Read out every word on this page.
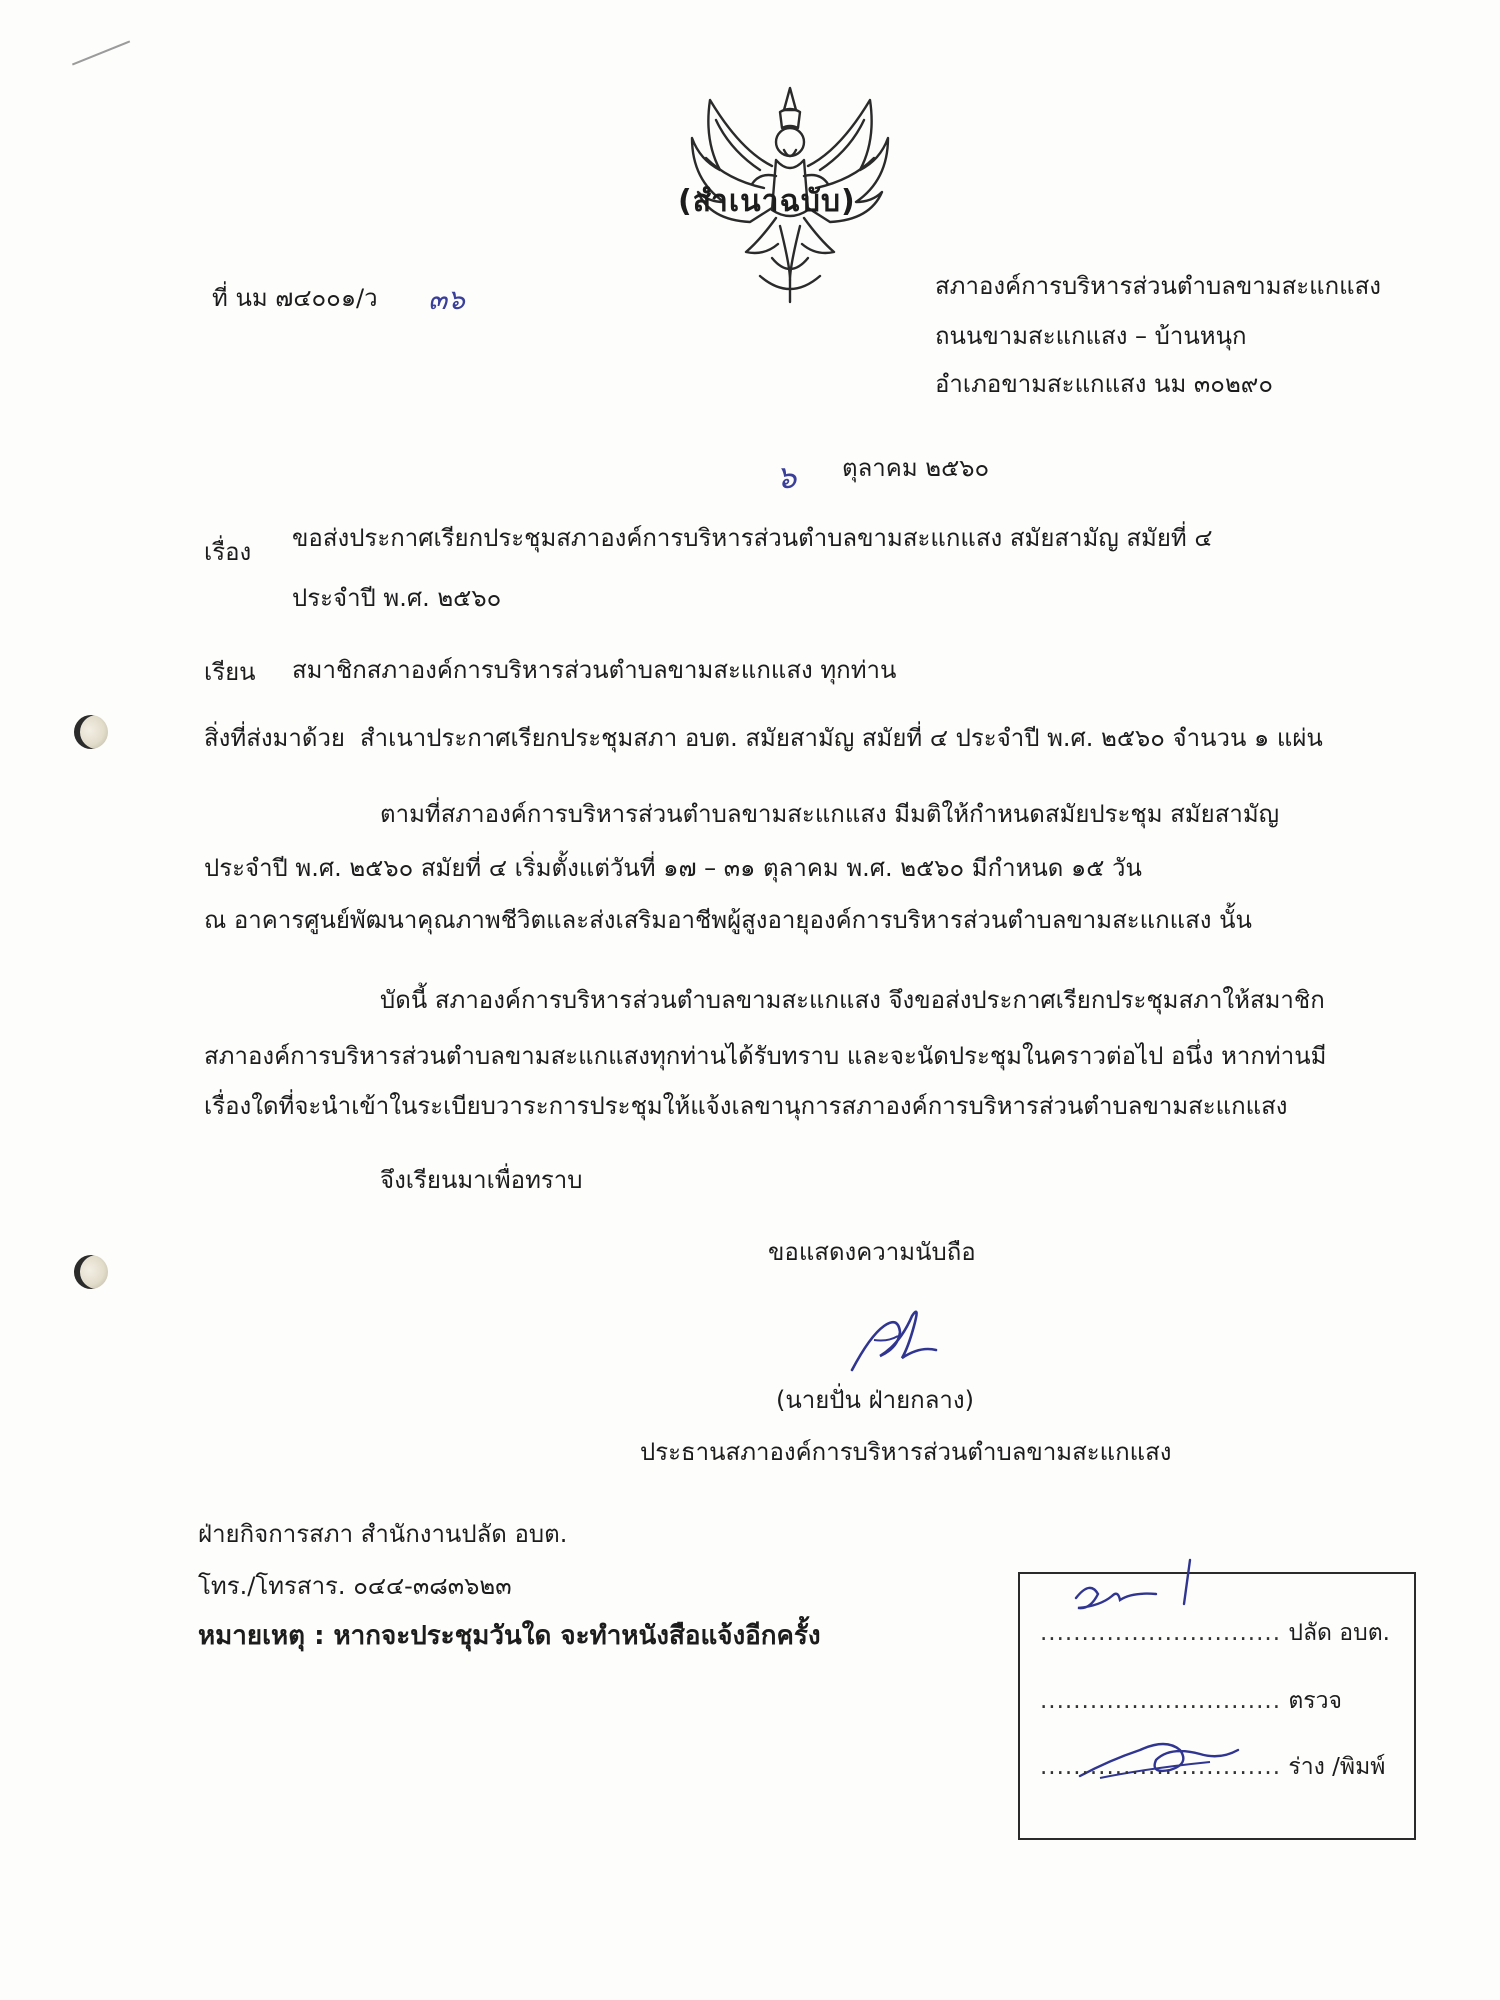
(สำเนาฉบับ)
ที่ นม ๗๔๐๐๑/ว ๓๖	สภาองค์การบริหารส่วนตำบลขามสะแกแสง
ถนนขามสะแกแสง – บ้านหนุก
อำเภอขามสะแกแสง นม ๓๐๒๙๐
๖ ตุลาคม ๒๕๖๐
เรื่อง ขอส่งประกาศเรียกประชุมสภาองค์การบริหารส่วนตำบลขามสะแกแสง สมัยสามัญ สมัยที่ ๔
ประจำปี พ.ศ. ๒๕๖๐
เรียน สมาชิกสภาองค์การบริหารส่วนตำบลขามสะแกแสง ทุกท่าน
สิ่งที่ส่งมาด้วย สำเนาประกาศเรียกประชุมสภา อบต. สมัยสามัญ สมัยที่ ๔ ประจำปี พ.ศ. ๒๕๖๐ จำนวน ๑ แผ่น
ตามที่สภาองค์การบริหารส่วนตำบลขามสะแกแสง มีมติให้กำหนดสมัยประชุม สมัยสามัญ
ประจำปี พ.ศ. ๒๕๖๐ สมัยที่ ๔ เริ่มตั้งแต่วันที่ ๑๗ – ๓๑ ตุลาคม พ.ศ. ๒๕๖๐ มีกำหนด ๑๕ วัน
ณ อาคารศูนย์พัฒนาคุณภาพชีวิตและส่งเสริมอาชีพผู้สูงอายุองค์การบริหารส่วนตำบลขามสะแกแสง นั้น
บัดนี้ สภาองค์การบริหารส่วนตำบลขามสะแกแสง จึงขอส่งประกาศเรียกประชุมสภาให้สมาชิก
สภาองค์การบริหารส่วนตำบลขามสะแกแสงทุกท่านได้รับทราบ และจะนัดประชุมในคราวต่อไป อนึ่ง หากท่านมี
เรื่องใดที่จะนำเข้าในระเบียบวาระการประชุมให้แจ้งเลขานุการสภาองค์การบริหารส่วนตำบลขามสะแกแสง
จึงเรียนมาเพื่อทราบ
ขอแสดงความนับถือ
(นายปั่น ฝ่ายกลาง)
ประธานสภาองค์การบริหารส่วนตำบลขามสะแกแสง
ฝ่ายกิจการสภา สำนักงานปลัด อบต.
โทร./โทรสาร. ๐๔๔-๓๘๓๖๒๓
หมายเหตุ : หากจะประชุมวันใด จะทำหนังสือแจ้งอีกครั้ง	............................. ปลัด อบต.
............................. ตรวจ
............................. ร่าง /พิมพ์
